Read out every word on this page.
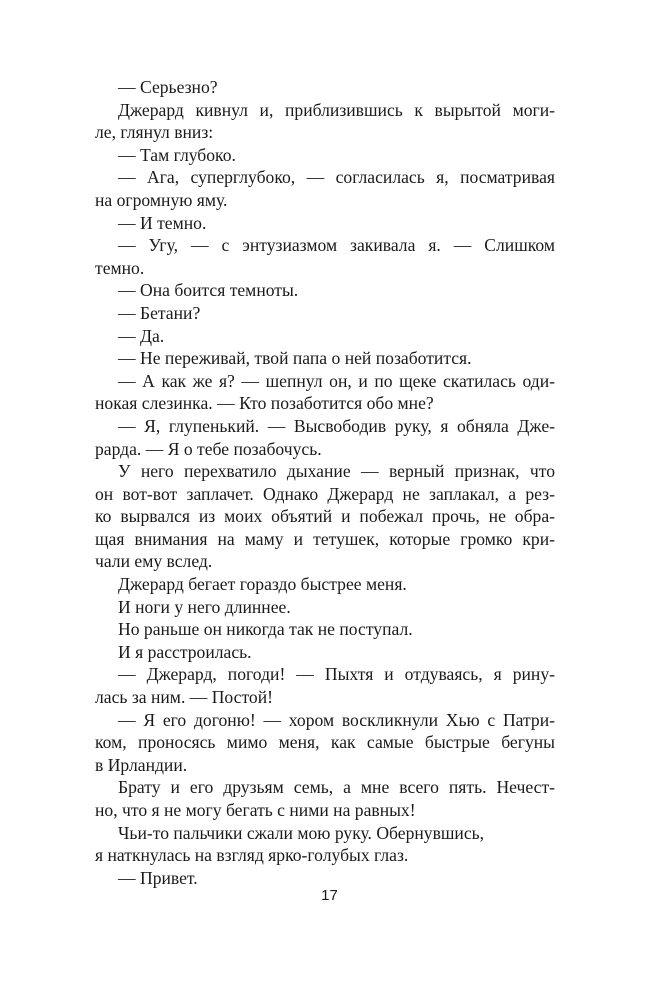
— Серьезно?
Джерард кивнул и, приблизившись к вырытой моги-
ле, глянул вниз:
— Там глубоко.
— Ага, суперглубоко, — согласилась я, посматривая
на огромную яму.
— И темно.
— Угу, — с энтузиазмом закивала я. — Слишком
темно.
— Она боится темноты.
— Бетани?
— Да.
— Не переживай, твой папа о ней позаботится.
— А как же я? — шепнул он, и по щеке скатилась оди-
нокая слезинка. — Кто позаботится обо мне?
— Я, глупенький. — Высвободив руку, я обняла Дже-
рарда. — Я о тебе позабочусь.
У него перехватило дыхание — верный признак, что
он вот-вот заплачет. Однако Джерард не заплакал, а рез-
ко вырвался из моих объятий и побежал прочь, не обра-
щая внимания на маму и тетушек, которые громко кри-
чали ему вслед.
Джерард бегает гораздо быстрее меня.
И ноги у него длиннее.
Но раньше он никогда так не поступал.
И я расстроилась.
— Джерард, погоди! — Пыхтя и отдуваясь, я рину-
лась за ним. — Постой!
— Я его догоню! — хором воскликнули Хью с Патри-
ком, проносясь мимо меня, как самые быстрые бегуны
в Ирландии.
Брату и его друзьям семь, а мне всего пять. Нечест-
но, что я не могу бегать с ними на равных!
Чьи-то пальчики сжали мою руку. Обернувшись,
я наткнулась на взгляд ярко-голубых глаз.
— Привет.
17
